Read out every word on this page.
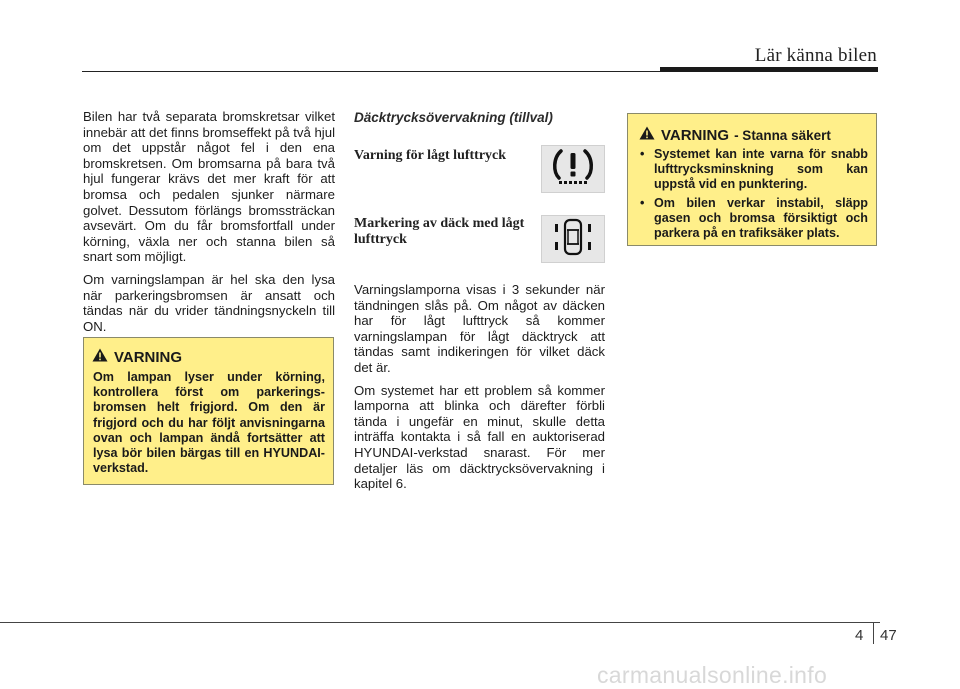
Lär känna bilen

Bilen har två separata bromskretsar vilket innebär att det finns bromseffekt på två hjul om det uppstår något fel i den ena bromskretsen. Om bromsarna på bara två hjul fungerar krävs det mer kraft för att bromsa och pedalen sjunker närmare golvet. Dessutom förlängs bromssträckan avsevärt. Om du får bromsfortfall under körning, växla ner och stanna bilen så snart som möjligt.

Om varningslampan är hel ska den lysa när parkeringsbromsen är ansatt och tändas när du vrider tändningsnyckeln till ON.

VARNING
Om lampan lyser under körning, kontrollera först om parkerings-bromsen helt frigjord. Om den är frigjord och du har följt anvisningarna ovan och lampan ändå fortsätter att lysa bör bilen bärgas till en HYUNDAI-verkstad.
Däcktrycksövervakning (tillval)
Varning för lågt lufttryck
Markering av däck med lågt lufttryck

Varningslamporna visas i 3 sekunder när tändningen slås på. Om något av däcken har för lågt lufttryck så kommer varningslampan för lågt däcktryck att tändas samt indikeringen för vilket däck det är.

Om systemet har ett problem så kommer lamporna att blinka och därefter förbli tända i ungefär en minut, skulle detta inträffa kontakta i så fall en auktoriserad HYUNDAI-verkstad snarast. För mer detaljer läs om däcktrycksövervakning i kapitel 6.

VARNING - Stanna säkert
• Systemet kan inte varna för snabb lufttrycksminskning som kan uppstå vid en punktering.
• Om bilen verkar instabil, släpp gasen och bromsa försiktigt och parkera på en trafiksäker plats.
4 47
carmanualsonline.info
